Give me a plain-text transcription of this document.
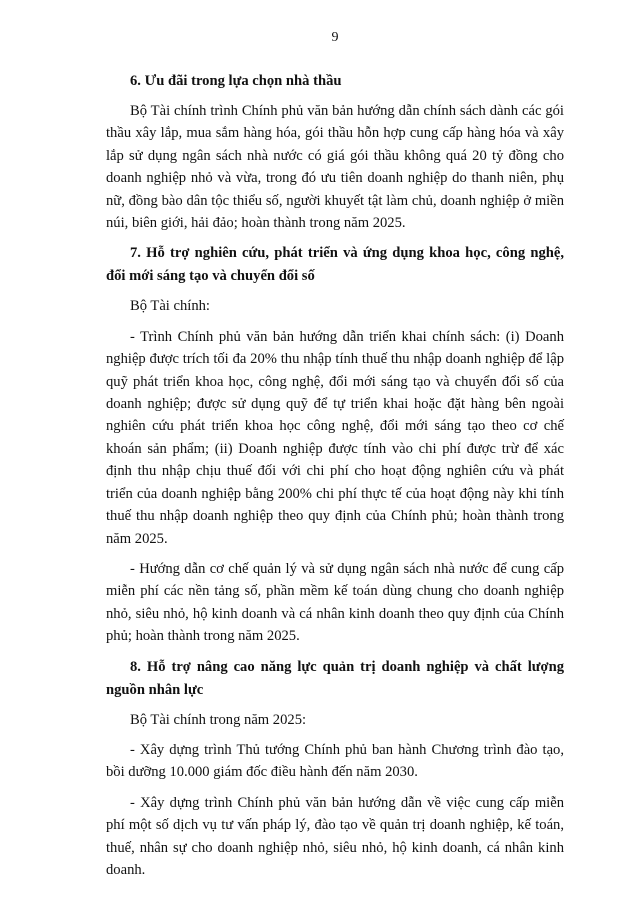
9
6. Ưu đãi trong lựa chọn nhà thầu

Bộ Tài chính trình Chính phủ văn bản hướng dẫn chính sách dành các gói thầu xây lắp, mua sắm hàng hóa, gói thầu hỗn hợp cung cấp hàng hóa và xây lắp sử dụng ngân sách nhà nước có giá gói thầu không quá 20 tỷ đồng cho doanh nghiệp nhỏ và vừa, trong đó ưu tiên doanh nghiệp do thanh niên, phụ nữ, đồng bào dân tộc thiểu số, người khuyết tật làm chủ, doanh nghiệp ở miền núi, biên giới, hải đảo; hoàn thành trong năm 2025.

7. Hỗ trợ nghiên cứu, phát triển và ứng dụng khoa học, công nghệ, đổi mới sáng tạo và chuyển đổi số

Bộ Tài chính:

- Trình Chính phủ văn bản hướng dẫn triển khai chính sách: (i) Doanh nghiệp được trích tối đa 20% thu nhập tính thuế thu nhập doanh nghiệp để lập quỹ phát triển khoa học, công nghệ, đổi mới sáng tạo và chuyển đổi số của doanh nghiệp; được sử dụng quỹ để tự triển khai hoặc đặt hàng bên ngoài nghiên cứu phát triển khoa học công nghệ, đổi mới sáng tạo theo cơ chế khoán sản phẩm; (ii) Doanh nghiệp được tính vào chi phí được trừ để xác định thu nhập chịu thuế đối với chi phí cho hoạt động nghiên cứu và phát triển của doanh nghiệp bằng 200% chi phí thực tế của hoạt động này khi tính thuế thu nhập doanh nghiệp theo quy định của Chính phủ; hoàn thành trong năm 2025.

- Hướng dẫn cơ chế quản lý và sử dụng ngân sách nhà nước để cung cấp miễn phí các nền tảng số, phần mềm kế toán dùng chung cho doanh nghiệp nhỏ, siêu nhỏ, hộ kinh doanh và cá nhân kinh doanh theo quy định của Chính phủ; hoàn thành trong năm 2025.

8. Hỗ trợ nâng cao năng lực quản trị doanh nghiệp và chất lượng nguồn nhân lực

Bộ Tài chính trong năm 2025:

- Xây dựng trình Thủ tướng Chính phủ ban hành Chương trình đào tạo, bồi dưỡng 10.000 giám đốc điều hành đến năm 2030.

- Xây dựng trình Chính phủ văn bản hướng dẫn về việc cung cấp miễn phí một số dịch vụ tư vấn pháp lý, đào tạo về quản trị doanh nghiệp, kế toán, thuế, nhân sự cho doanh nghiệp nhỏ, siêu nhỏ, hộ kinh doanh, cá nhân kinh doanh.
